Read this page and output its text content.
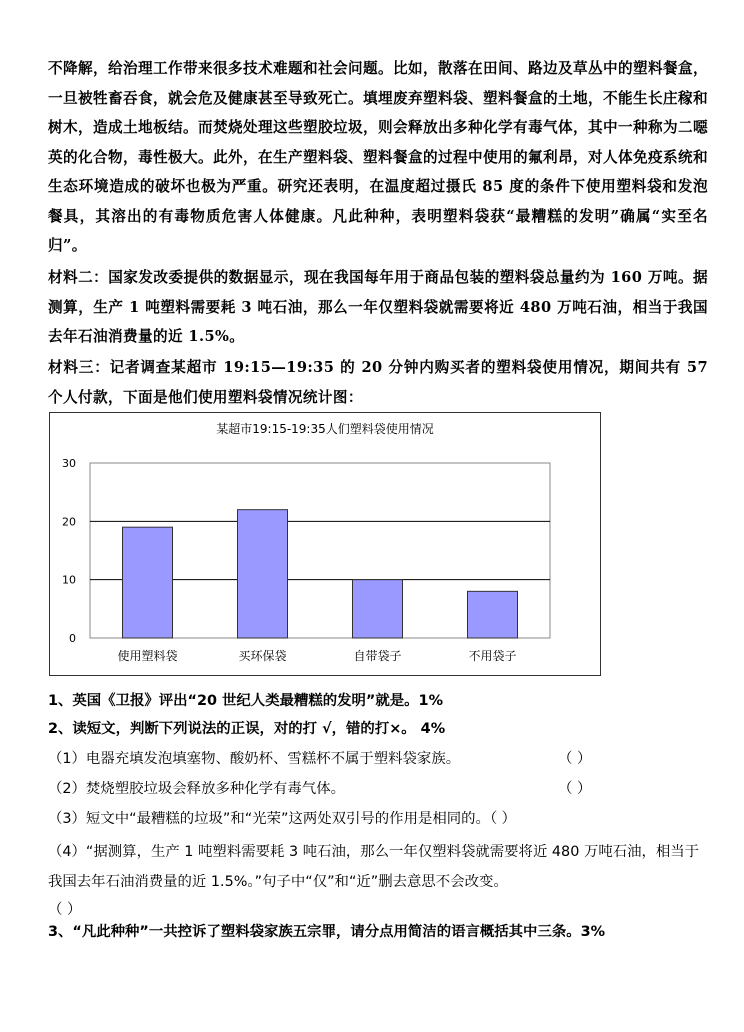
不降解，给治理工作带来很多技术难题和社会问题。比如，散落在田间、路边及草丛中的塑料餐盒，一旦被牲畜吞食，就会危及健康甚至导致死亡。填埋废弃塑料袋、塑料餐盒的土地，不能生长庄稼和树木，造成土地板结。而焚烧处理这些塑胶垃圾，则会释放出多种化学有毒气体，其中一种称为二噁英的化合物，毒性极大。此外，在生产塑料袋、塑料餐盒的过程中使用的氟利昂，对人体免疫系统和生态环境造成的破坏也极为严重。研究还表明，在温度超过摄氏 85 度的条件下使用塑料袋和发泡餐具，其溶出的有毒物质危害人体健康。凡此种种，表明塑料袋获“最糟糕的发明”确属“实至名归”。

材料二：国家发改委提供的数据显示，现在我国每年用于商品包装的塑料袋总量约为 160 万吨。据测算，生产 1 吨塑料需要耗 3 吨石油，那么一年仅塑料袋就需要将近 480 万吨石油，相当于我国去年石油消费量的近 1.5%。

材料三：记者调查某超市 19:15—19:35 的 20 分钟内购买者的塑料袋使用情况，期间共有 57 个人付款，下面是他们使用塑料袋情况统计图：

某超市19:15-19:35人们塑料袋使用情况
0
10
20
30
使用塑料袋	买环保袋	自带袋子	不用袋子

1、英国《卫报》评出“20 世纪人类最糟糕的发明”就是。1%

2、读短文，判断下列说法的正误，对的打 √，错的打×。 4%

（1）电器充填发泡填塞物、酸奶杯、雪糕杯不属于塑料袋家族。	（ ）

（2）焚烧塑胶垃圾会释放多种化学有毒气体。	（ ）

（3）短文中“最糟糕的垃圾”和“光荣”这两处双引号的作用是相同的。（ ）

（4）“据测算，生产 1 吨塑料需要耗 3 吨石油，那么一年仅塑料袋就需要将近 480 万吨石油，相当于我国去年石油消费量的近 1.5%。”句子中“仅”和“近”删去意思不会改变。

（ ）

3、“凡此种种”一共控诉了塑料袋家族五宗罪，请分点用简洁的语言概括其中三条。3%
